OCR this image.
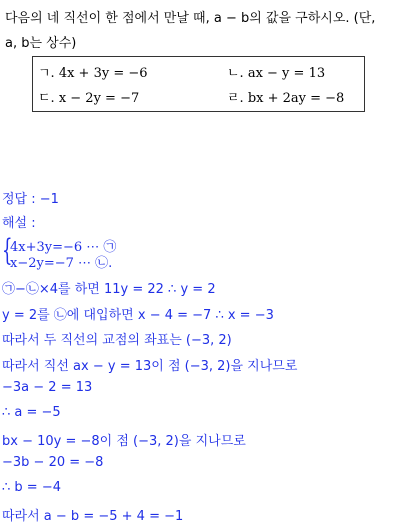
다음의 네 직선이 한 점에서 만날 때, a − b의 값을 구하시오. (단,
a, b는 상수)
ㄱ. 4x + 3y = −6	ㄴ. ax − y = 13
ㄷ. x − 2y = −7	ㄹ. bx + 2ay = −8
정답 : −1
해설 :
{
4x+3y=−6 ⋯ ㉠
x−2y=−7 ⋯ ㉡.
㉠−㉡×4를 하면 11y = 22 ∴ y = 2
y = 2를 ㉡에 대입하면 x − 4 = −7 ∴ x = −3
따라서 두 직선의 교점의 좌표는 (−3, 2)
따라서 직선 ax − y = 13이 점 (−3, 2)을 지나므로
−3a − 2 = 13
∴ a = −5
bx − 10y = −8이 점 (−3, 2)을 지나므로
−3b − 20 = −8
∴ b = −4
따라서 a − b = −5 + 4 = −1
